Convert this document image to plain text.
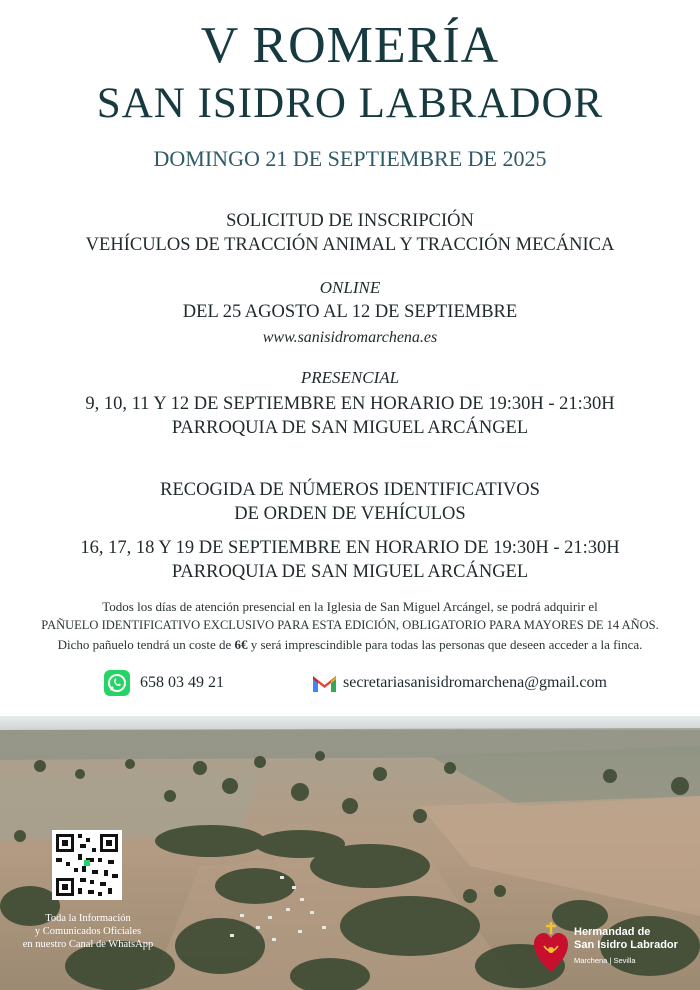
V ROMERÍA
SAN ISIDRO LABRADOR
DOMINGO 21 DE SEPTIEMBRE DE 2025
SOLICITUD DE INSCRIPCIÓN
VEHÍCULOS DE TRACCIÓN ANIMAL Y TRACCIÓN MECÁNICA
ONLINE
DEL 25 AGOSTO AL 12 DE SEPTIEMBRE
www.sanisidromarchena.es
PRESENCIAL
9, 10, 11 Y 12 DE SEPTIEMBRE EN HORARIO DE 19:30H - 21:30H
PARROQUIA DE SAN MIGUEL ARCÁNGEL
RECOGIDA DE NÚMEROS IDENTIFICATIVOS
DE ORDEN DE VEHÍCULOS
16, 17, 18 Y 19 DE SEPTIEMBRE EN HORARIO DE 19:30H - 21:30H
PARROQUIA DE SAN MIGUEL ARCÁNGEL
Todos los días de atención presencial en la Iglesia de San Miguel Arcángel, se podrá adquirir el
PAÑUELO IDENTIFICATIVO EXCLUSIVO PARA ESTA EDICIÓN, OBLIGATORIO PARA MAYORES DE 14 AÑOS.
Dicho pañuelo tendrá un coste de 6€ y será imprescindible para todas las personas que deseen acceder a la finca.
658 03 49 21	secretariasanisidromarchena@gmail.com
Toda la Información
y Comunicados Oficiales
en nuestro Canal de WhatsApp
Hermandad de
San Isidro Labrador
Marchena | Sevilla
